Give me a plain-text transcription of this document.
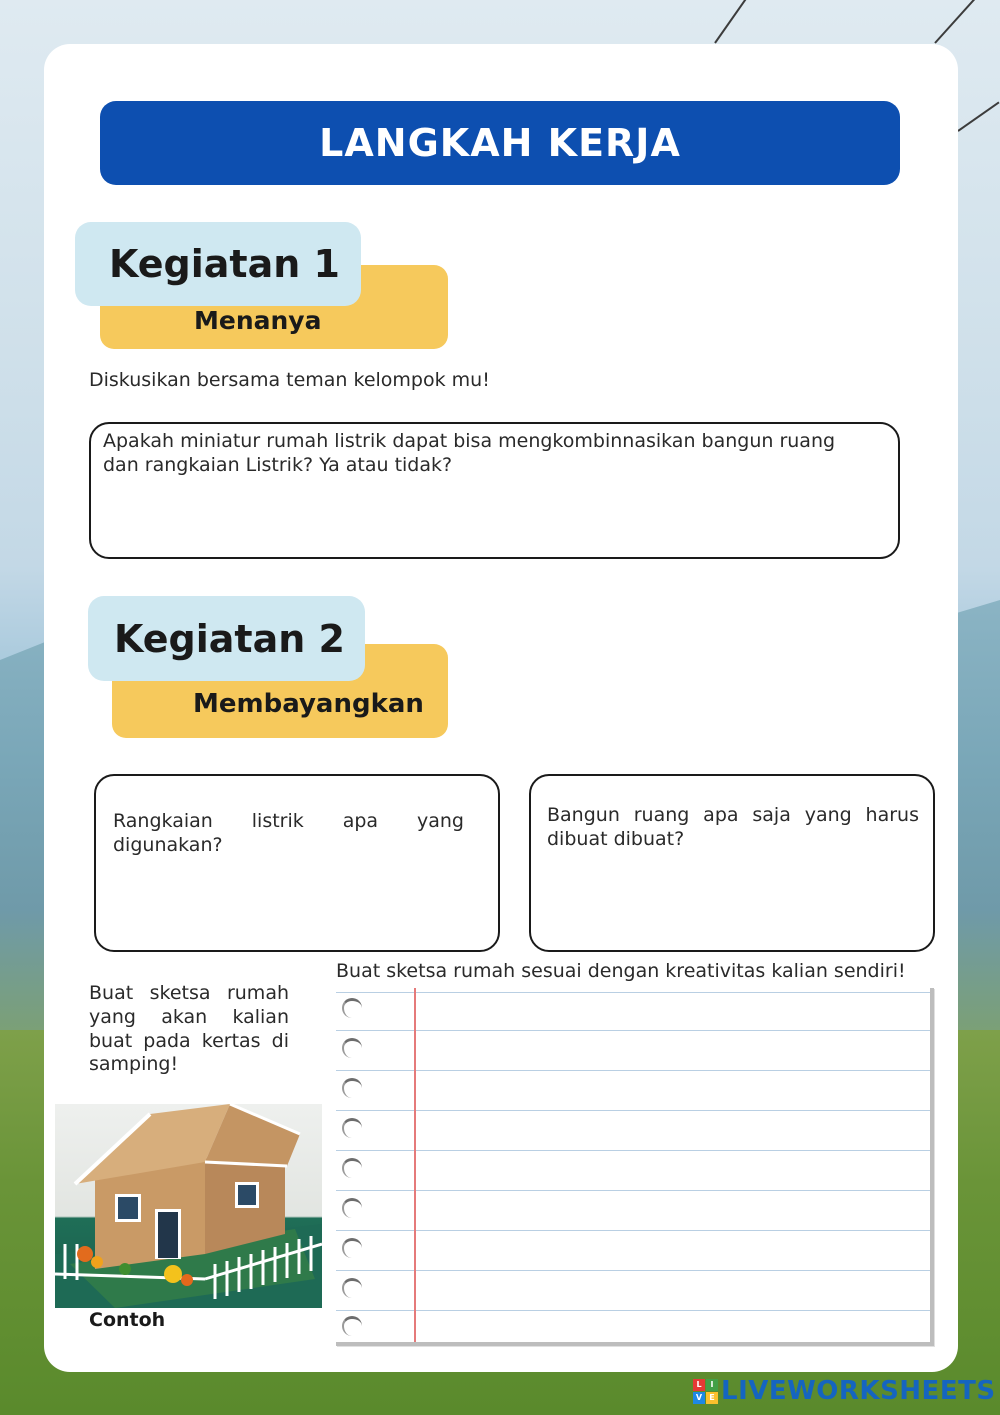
LANGKAH KERJA
Menanya
Kegiatan 1
Diskusikan bersama teman kelompok mu!
Apakah miniatur rumah listrik dapat bisa mengkombinnasikan bangun ruang dan rangkaian Listrik? Ya atau tidak?
Membayangkan
Kegiatan 2
Rangkaian listrik apa yang digunakan?
Bangun ruang apa saja yang harus dibuat dibuat?
Buat sketsa rumah sesuai dengan kreativitas kalian sendiri!
Buat sketsa rumah yang akan kalian buat pada kertas di samping!
Contoh
L	I
V E LIVEWORKSHEETS
